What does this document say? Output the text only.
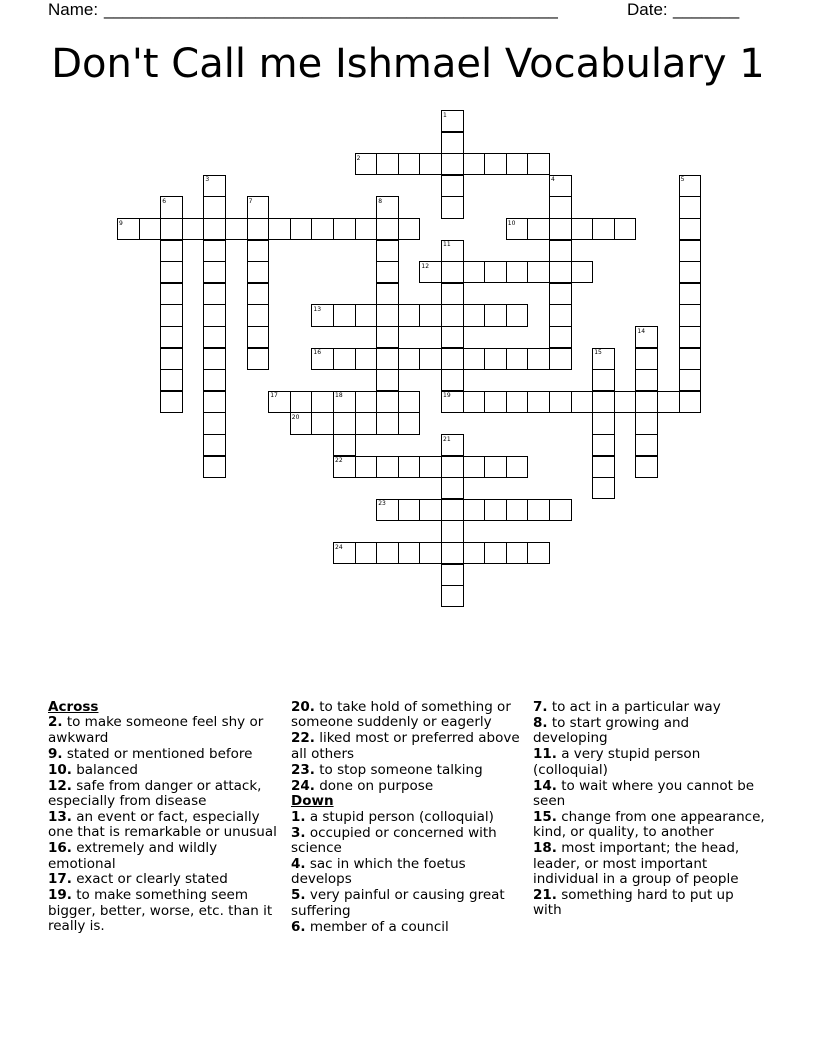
Name: ________________________________________________	Date: _______
Don't Call me Ishmael Vocabulary 1
2
9	10
12
13
16
17	19
20
22
23
24
1
3	4	5
6	7	8
11
14
15
18
21
Across
2. to make someone feel shy or awkward
9. stated or mentioned before
10. balanced
12. safe from danger or attack, especially from disease
13. an event or fact, especially one that is remarkable or unusual
16. extremely and wildly emotional
17. exact or clearly stated
19. to make something seem bigger, better, worse, etc. than it really is.
20. to take hold of something or someone suddenly or eagerly
22. liked most or preferred above all others
23. to stop someone talking
24. done on purpose
Down
1. a stupid person (colloquial)
3. occupied or concerned with science
4. sac in which the foetus develops
5. very painful or causing great suffering
6. member of a council
7. to act in a particular way
8. to start growing and developing
11. a very stupid person (colloquial)
14. to wait where you cannot be seen
15. change from one appearance, kind, or quality, to another
18. most important; the head, leader, or most important individual in a group of people
21. something hard to put up with
